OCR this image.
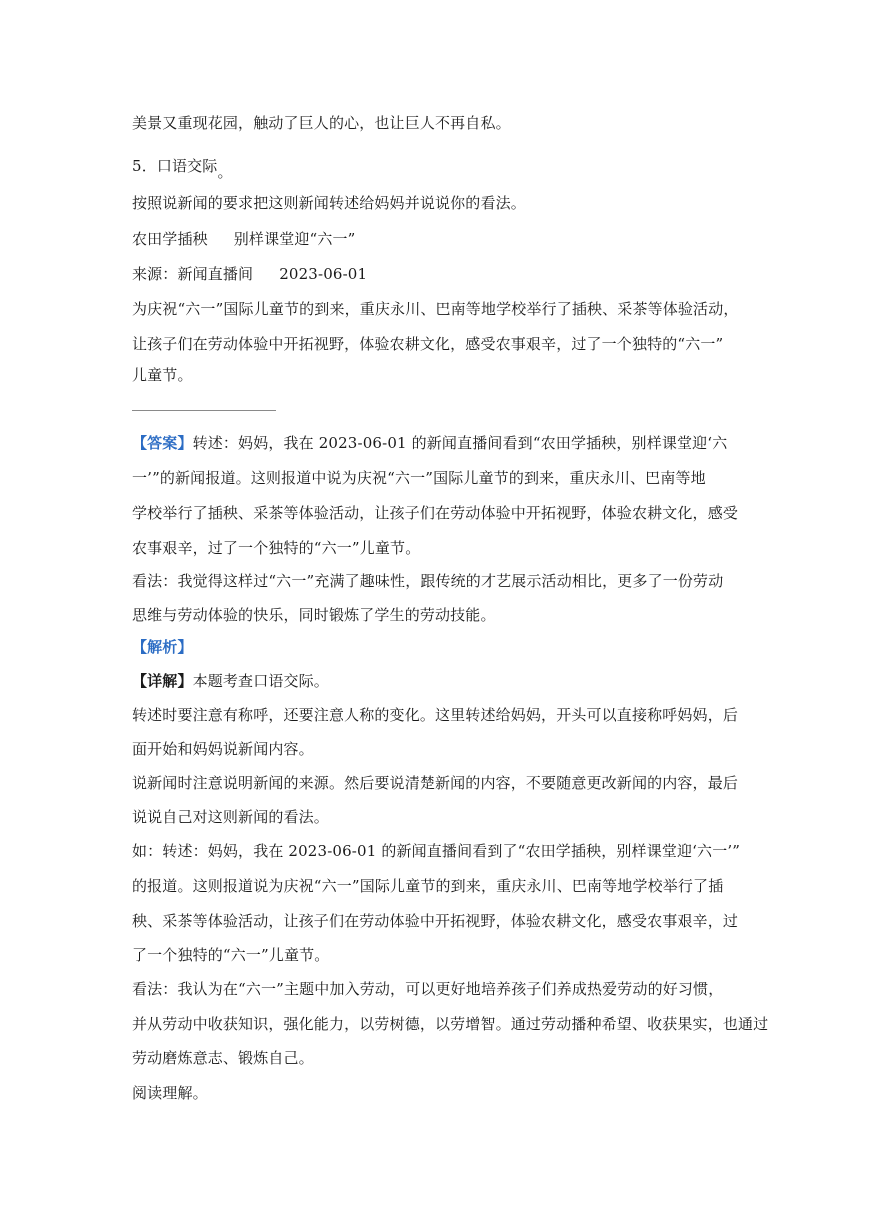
美景又重现花园，触动了巨人的心，也让巨人不再自私。
5．口语交际。
按照说新闻的要求把这则新闻转述给妈妈并说说你的看法。
农田学插秧 别样课堂迎“六一”
来源：新闻直播间 2023-06-01
为庆祝“六一”国际儿童节的到来，重庆永川、巴南等地学校举行了插秧、采茶等体验活动，
让孩子们在劳动体验中开拓视野，体验农耕文化，感受农事艰辛，过了一个独特的“六一”
儿童节。
【答案】转述：妈妈，我在 2023-06-01 的新闻直播间看到“农田学插秧，别样课堂迎‘六
一’”的新闻报道。这则报道中说为庆祝“六一”国际儿童节的到来，重庆永川、巴南等地
学校举行了插秧、采茶等体验活动，让孩子们在劳动体验中开拓视野，体验农耕文化，感受
农事艰辛，过了一个独特的“六一”儿童节。
看法：我觉得这样过“六一”充满了趣味性，跟传统的才艺展示活动相比，更多了一份劳动
思维与劳动体验的快乐，同时锻炼了学生的劳动技能。
【解析】
【详解】本题考查口语交际。
转述时要注意有称呼，还要注意人称的变化。这里转述给妈妈，开头可以直接称呼妈妈，后
面开始和妈妈说新闻内容。
说新闻时注意说明新闻的来源。然后要说清楚新闻的内容，不要随意更改新闻的内容，最后
说说自己对这则新闻的看法。
如：转述：妈妈，我在 2023-06-01 的新闻直播间看到了“农田学插秧，别样课堂迎‘六一’”
的报道。这则报道说为庆祝“六一”国际儿童节的到来，重庆永川、巴南等地学校举行了插
秧、采茶等体验活动，让孩子们在劳动体验中开拓视野，体验农耕文化，感受农事艰辛，过
了一个独特的“六一”儿童节。
看法：我认为在“六一”主题中加入劳动，可以更好地培养孩子们养成热爱劳动的好习惯，
并从劳动中收获知识，强化能力，以劳树德，以劳增智。通过劳动播种希望、收获果实，也通过
劳动磨炼意志、锻炼自己。
阅读理解。
